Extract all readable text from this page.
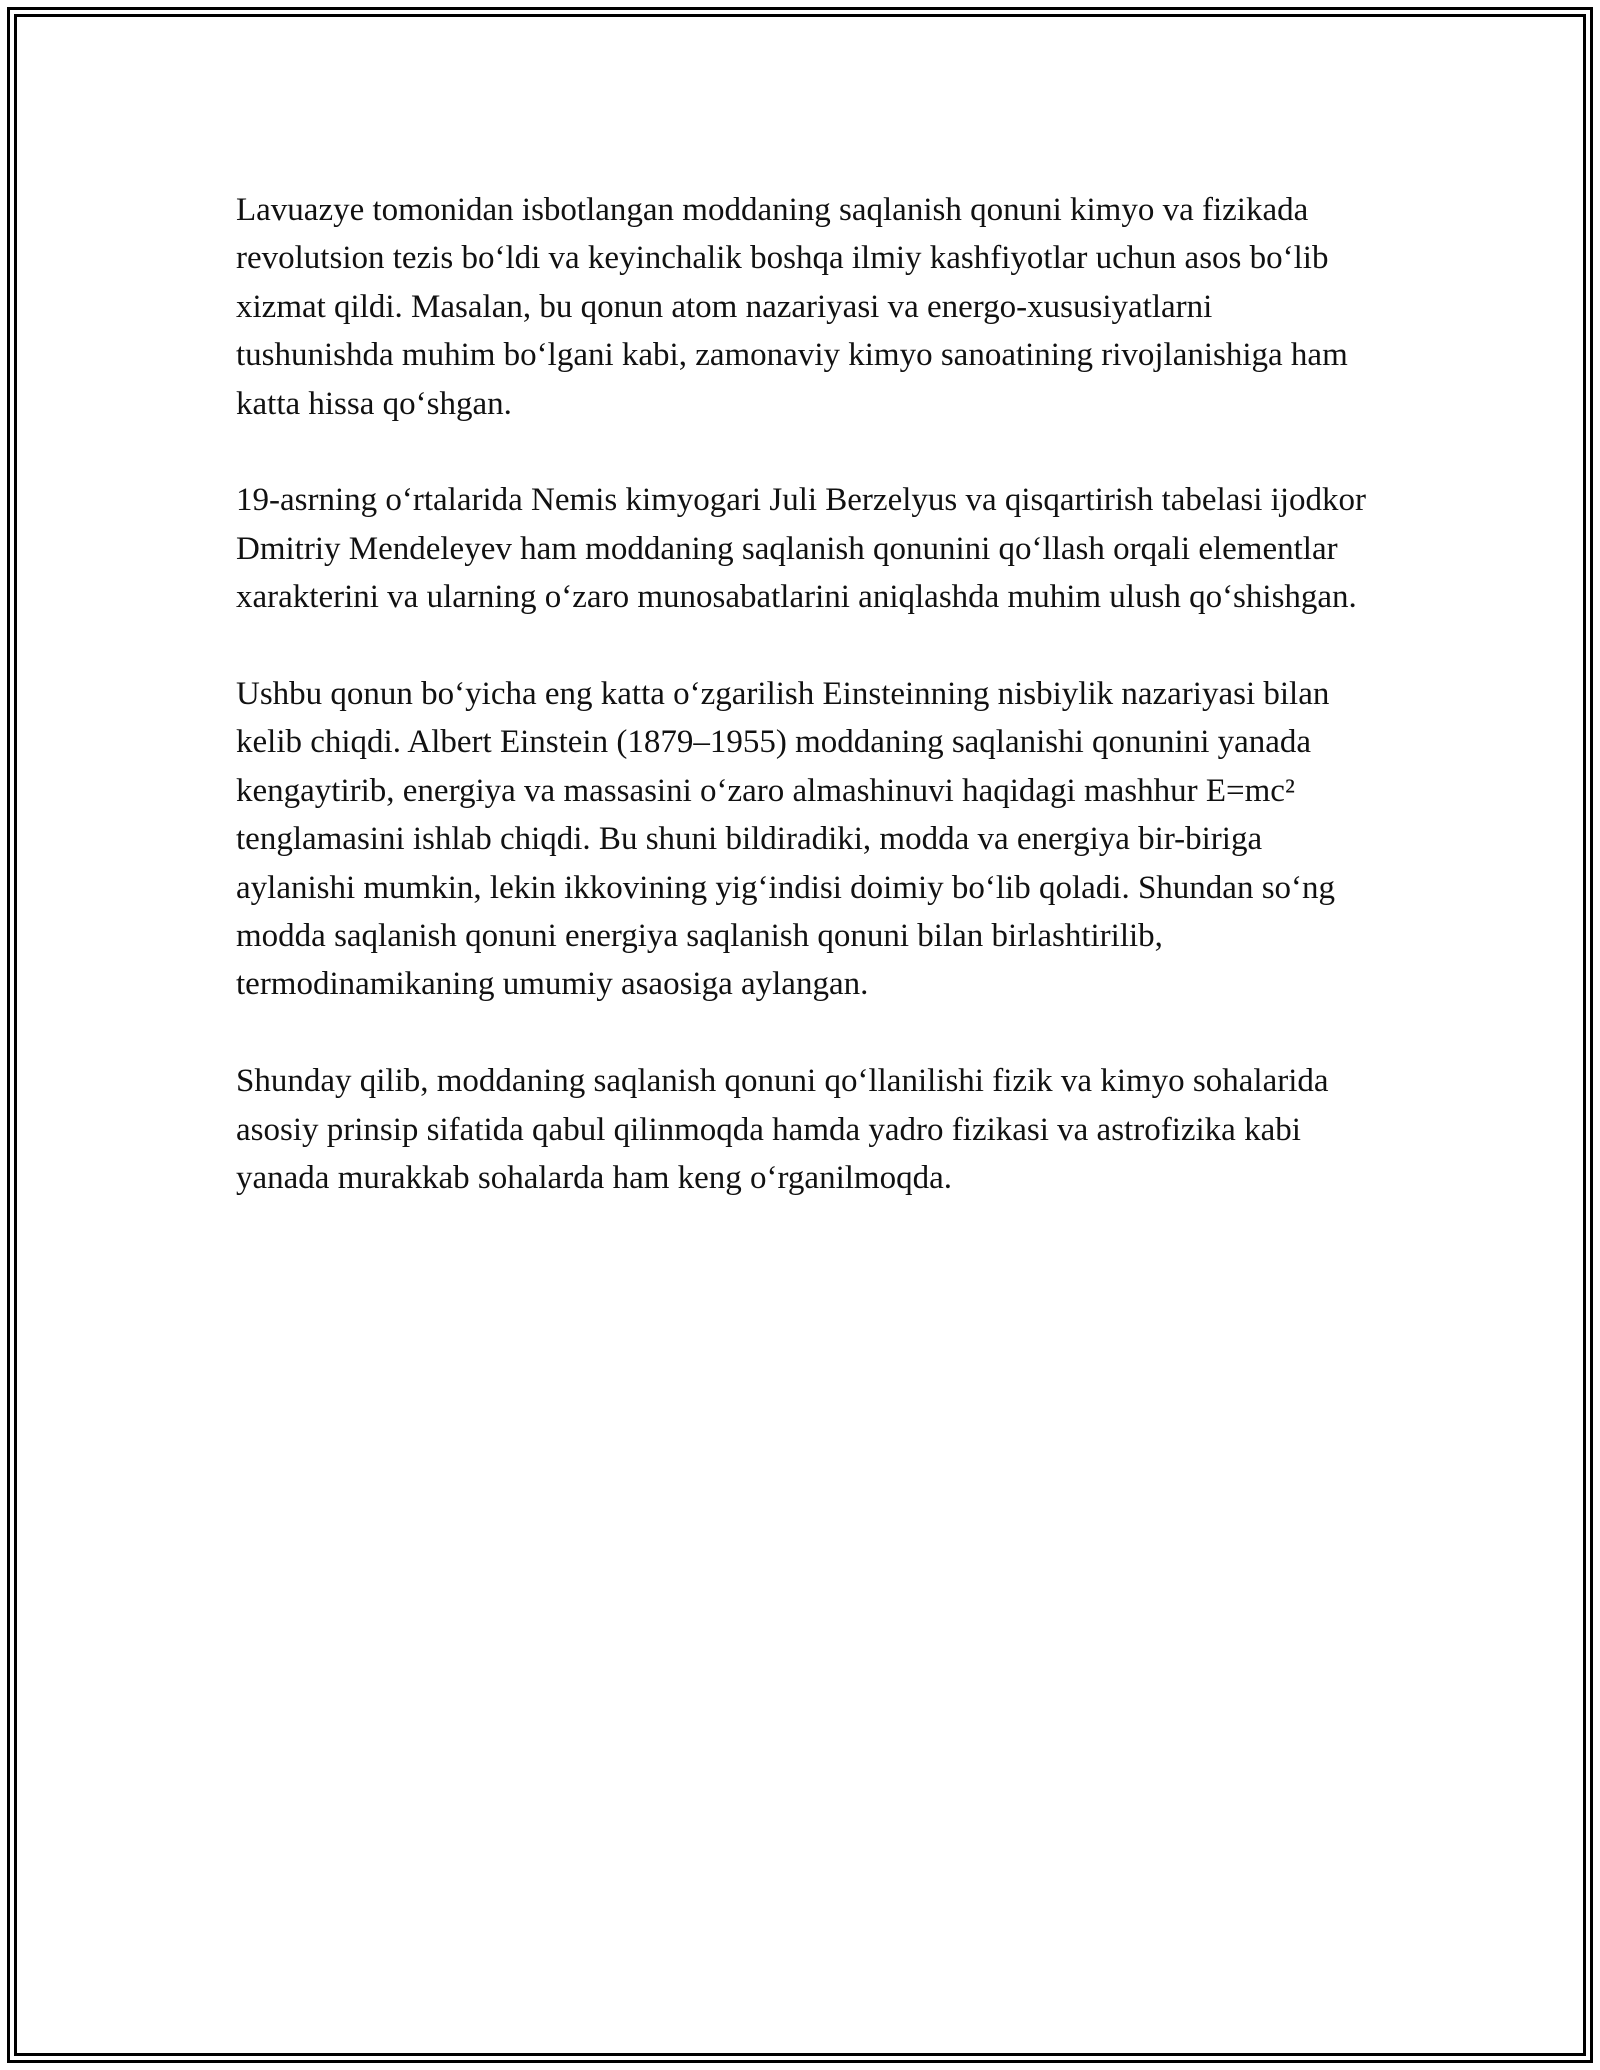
Lavuazye tomonidan isbotlangan moddaning saqlanish qonuni kimyo va fizikada revolutsion tezis boʻldi va keyinchalik boshqa ilmiy kashfiyotlar uchun asos boʻlib xizmat qildi. Masalan, bu qonun atom nazariyasi va energo-xususiyatlarni tushunishda muhim boʻlgani kabi, zamonaviy kimyo sanoatining rivojlanishiga ham katta hissa qoʻshgan.

19-asrning oʻrtalarida Nemis kimyogari Juli Berzelyus va qisqartirish tabelasi ijodkor Dmitriy Mendeleyev ham moddaning saqlanish qonunini qoʻllash orqali elementlar xarakterini va ularning oʻzaro munosabatlarini aniqlashda muhim ulush qoʻshishgan.

Ushbu qonun boʻyicha eng katta oʻzgarilish Einsteinning nisbiylik nazariyasi bilan kelib chiqdi. Albert Einstein (1879–1955) moddaning saqlanishi qonunini yanada kengaytirib, energiya va massasini oʻzaro almashinuvi haqidagi mashhur E=mc² tenglamasini ishlab chiqdi. Bu shuni bildiradiki, modda va energiya bir-biriga aylanishi mumkin, lekin ikkovining yigʻindisi doimiy boʻlib qoladi. Shundan soʻng modda saqlanish qonuni energiya saqlanish qonuni bilan birlashtirilib, termodinamikaning umumiy asaosiga aylangan.

Shunday qilib, moddaning saqlanish qonuni qoʻllanilishi fizik va kimyo sohalarida asosiy prinsip sifatida qabul qilinmoqda hamda yadro fizikasi va astrofizika kabi yanada murakkab sohalarda ham keng oʻrganilmoqda.
